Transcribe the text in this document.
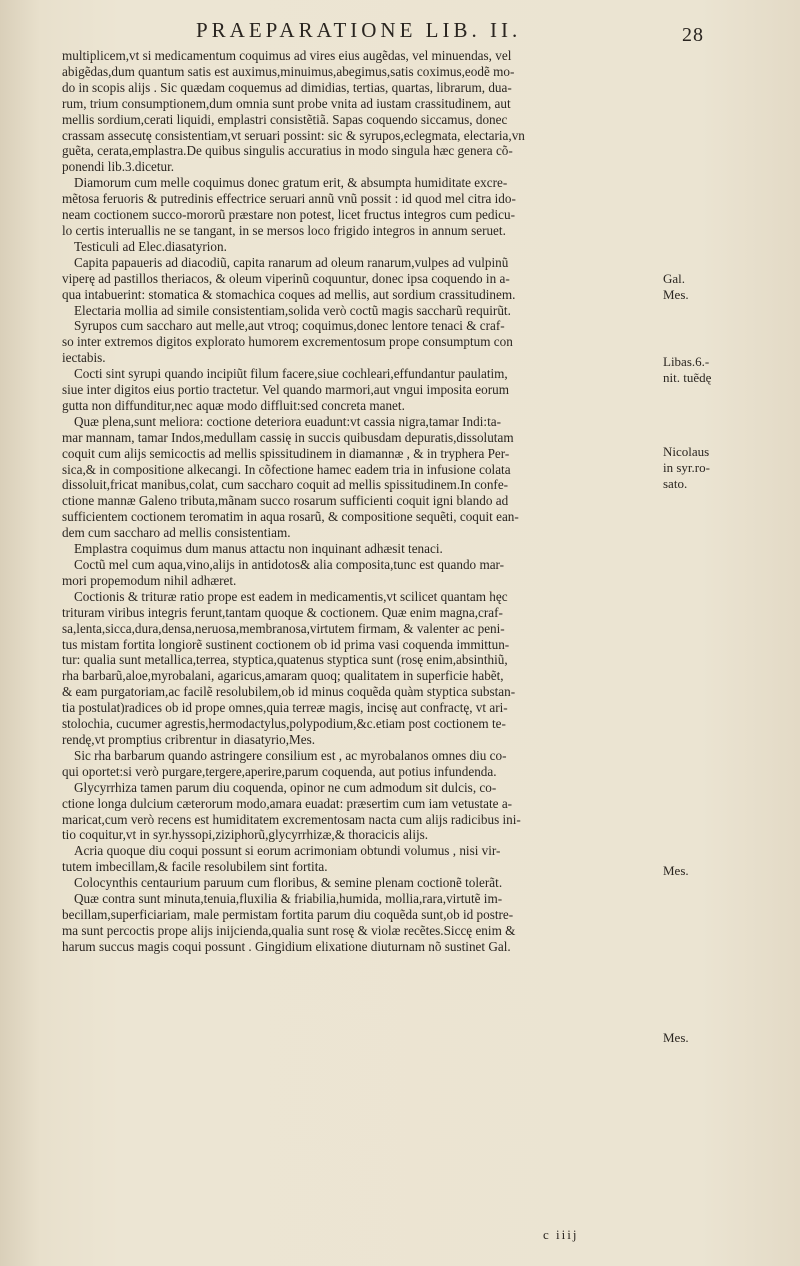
PRAEPARATIONE LIB. II.	28

multiplicem,vt si medicamentum coquimus ad vires eius augẽdas, vel minuendas, vel
abigẽdas,dum quantum satis est auximus,minuimus,abegimus,satis coximus,eodẽ mo-
do in scopis alijs . Sic quædam coquemus ad dimidias, tertias, quartas, librarum, dua-
rum, trium consumptionem,dum omnia sunt probe vnita ad iustam crassitudinem, aut
mellis sordium,cerati liquidi, emplastri consistẽtiã. Sapas coquendo siccamus, donec
crassam assecutę consistentiam,vt seruari possint: sic & syrupos,eclegmata, electaria,vn
guẽta, cerata,emplastra.De quibus singulis accuratius in modo singula hæc genera cõ-
ponendi lib.3.dicetur.

Diamorum cum melle coquimus donec gratum erit, & absumpta humiditate excre-
mẽtosa feruoris & putredinis effectrice seruari annũ vnũ possit : id quod mel citra ido-
neam coctionem succo-mororũ præstare non potest, licet fructus integros cum pedicu-
lo certis interuallis ne se tangant, in se mersos loco frigido integros in annum seruet.
Testiculi ad Elec.diasatyrion.

Capita papaueris ad diacodiũ, capita ranarum ad oleum ranarum,vulpes ad vulpinũ
viperę ad pastillos theriacos, & oleum viperinũ coquuntur, donec ipsa coquendo in a-
qua intabuerint: stomatica & stomachica coques ad mellis, aut sordium crassitudinem.

Electaria mollia ad simile consistentiam,solida verò coctũ magis saccharũ requirũt.

Syrupos cum saccharo aut melle,aut vtroq; coquimus,donec lentore tenaci & craf-
so inter extremos digitos explorato humorem excrementosum prope consumptum con
iectabis.

Cocti sint syrupi quando incipiũt filum facere,siue cochleari,effundantur paulatim,
siue inter digitos eius portio tractetur. Vel quando marmori,aut vngui imposita eorum
gutta non diffunditur,nec aquæ modo diffluit:sed concreta manet.

Quæ plena,sunt meliora: coctione deteriora euadunt:vt cassia nigra,tamar Indi:ta-
mar mannam, tamar Indos,medullam cassię in succis quibusdam depuratis,dissolutam
coquit cum alijs semicoctis ad mellis spissitudinem in diamannæ , & in tryphera Per-
sica,& in compositione alkecangi. In cõfectione hamec eadem tria in infusione colata
dissoluit,fricat manibus,colat, cum saccharo coquit ad mellis spissitudinem.In confe-
ctione mannæ Galeno tributa,mãnam succo rosarum sufficienti coquit igni blando ad
sufficientem coctionem teromatim in aqua rosarũ, & compositione sequẽti, coquit ean-
dem cum saccharo ad mellis consistentiam.

Emplastra coquimus dum manus attactu non inquinant adhæsit tenaci.

Coctũ mel cum aqua,vino,alijs in antidotos& alia composita,tunc est quando mar-
mori propemodum nihil adhæret.

Coctionis & trituræ ratio prope est eadem in medicamentis,vt scilicet quantam hęc
trituram viribus integris ferunt,tantam quoque & coctionem. Quæ enim magna,craf-
sa,lenta,sicca,dura,densa,neruosa,membranosa,virtutem firmam, & valenter ac peni-
tus mistam fortita longiorẽ sustinent coctionem ob id prima vasi coquenda immittun-
tur: qualia sunt metallica,terrea, styptica,quatenus styptica sunt (rosę enim,absinthiũ,
rha barbarũ,aloe,myrobalani, agaricus,amaram quoq; qualitatem in superficie habẽt,
& eam purgatoriam,ac facilẽ resolubilem,ob id minus coquẽda quàm styptica substan-
tia postulat)radices ob id prope omnes,quia terreæ magis, incisę aut confractę, vt ari-
stolochia, cucumer agrestis,hermodactylus,polypodium,&c.etiam post coctionem te-
rendę,vt promptius cribrentur in diasatyrio,Mes.

Sic rha barbarum quando astringere consilium est , ac myrobalanos omnes diu co-
qui oportet:si verò purgare,tergere,aperire,parum coquenda, aut potius infundenda.

Glycyrrhiza tamen parum diu coquenda, opinor ne cum admodum sit dulcis, co-
ctione longa dulcium cæterorum modo,amara euadat: præsertim cum iam vetustate a-
maricat,cum verò recens est humiditatem excrementosam nacta cum alijs radicibus ini-
tio coquitur,vt in syr.hyssopi,ziziphorũ,glycyrrhizæ,& thoracicis alijs.

Acria quoque diu coqui possunt si eorum acrimoniam obtundi volumus , nisi vir-
tutem imbecillam,& facile resolubilem sint fortita.

Colocynthis centaurium paruum cum floribus, & semine plenam coctionẽ tolerãt.

Quæ contra sunt minuta,tenuia,fluxilia & friabilia,humida, mollia,rara,virtutẽ im-
becillam,superficiariam, male permistam fortita parum diu coquẽda sunt,ob id postre-
ma sunt percoctis prope alijs inijcienda,qualia sunt rosę & violæ recẽtes.Siccę enim &
harum succus magis coqui possunt . Gingidium elixatione diuturnam nõ sustinet Gal.

Gal.
Mes.
Libas.6.-
nit. tuẽdę
Nicolaus
in syr.ro-
sato.
Mes.
Mes.
c iiij
